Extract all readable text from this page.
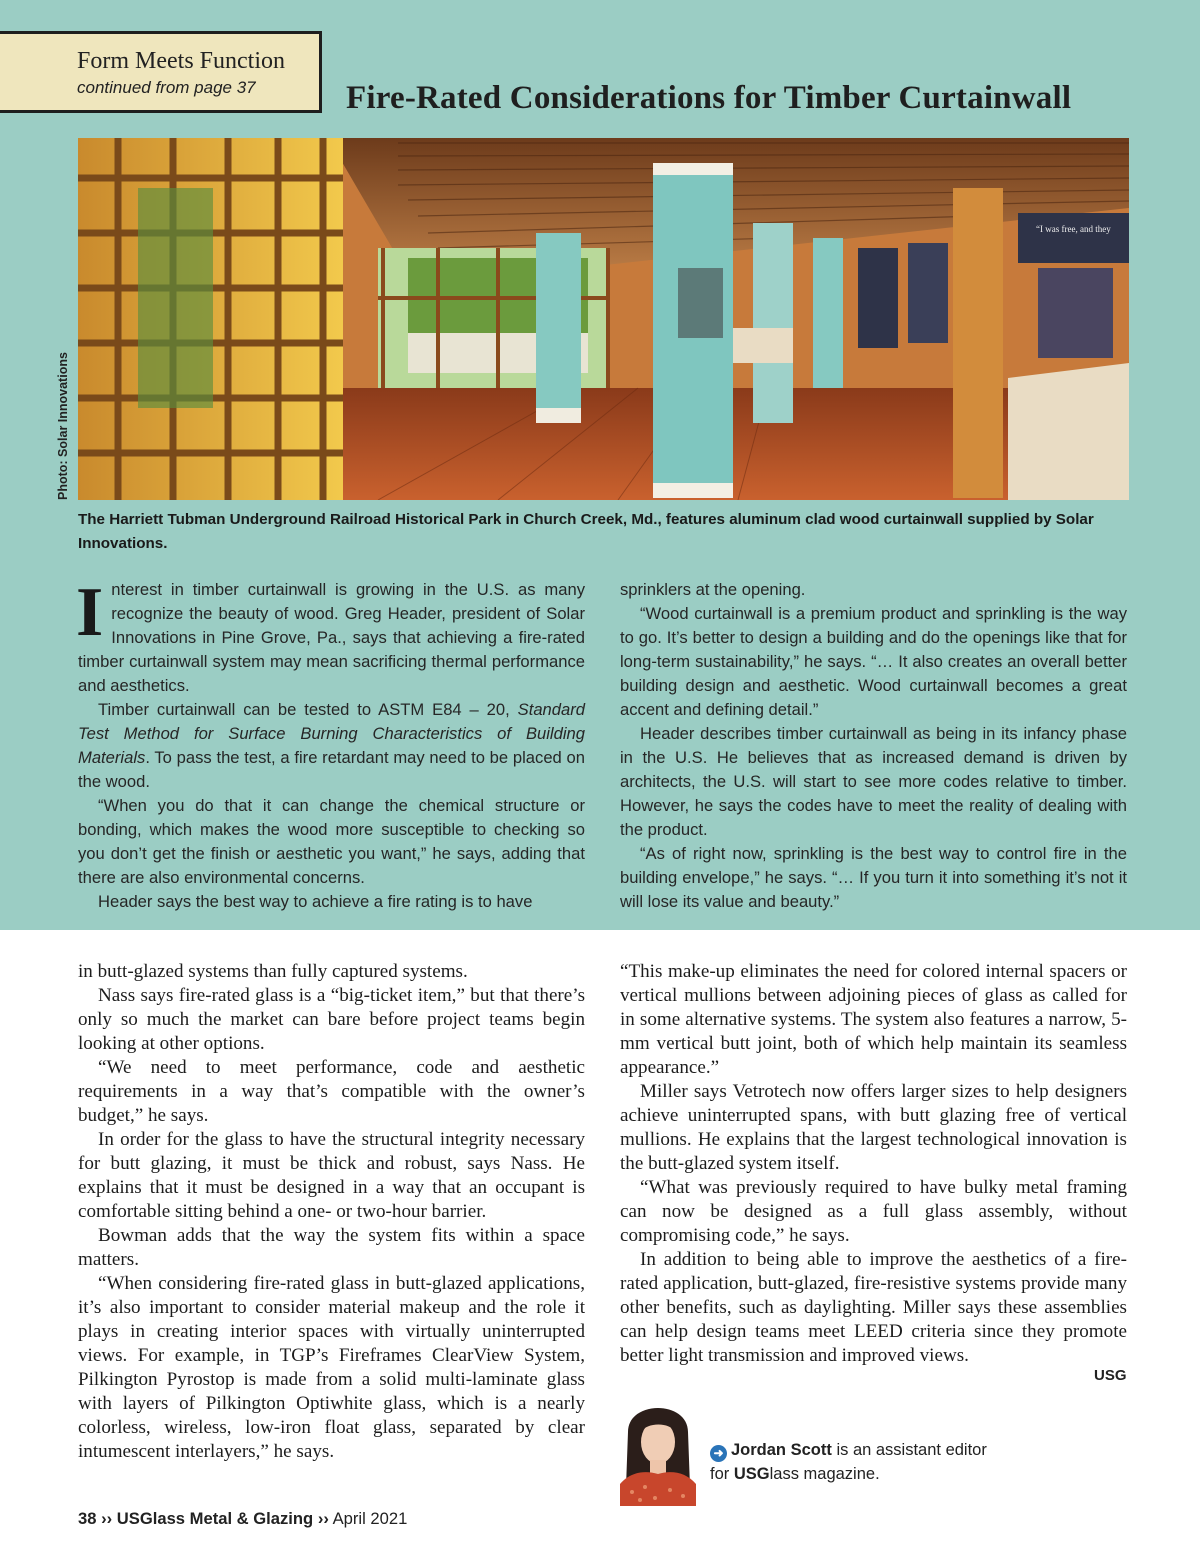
Form Meets Function
continued from page 37	Fire-Rated Considerations for Timber Curtainwall
“I was free, and they
Photo: Solar Innovations

The Harriett Tubman Underground Railroad Historical Park in Church Creek, Md., features aluminum clad wood curtainwall supplied by Solar Innovations.

Interest in timber curtainwall is growing in the U.S. as many recognize the beauty of wood. Greg Header, president of Solar Innovations in Pine Grove, Pa., says that achieving a fire-rated timber curtainwall system may mean sacrificing thermal performance and aesthetics.

Timber curtainwall can be tested to ASTM E84 – 20, Standard Test Method for Surface Burning Characteristics of Building Materials. To pass the test, a fire retardant may need to be placed on the wood.

“When you do that it can change the chemical structure or bonding, which makes the wood more susceptible to checking so you don’t get the finish or aesthetic you want,” he says, adding that there are also environmental concerns.

Header says the best way to achieve a fire rating is to have

sprinklers at the opening.

“Wood curtainwall is a premium product and sprinkling is the way to go. It’s better to design a building and do the openings like that for long-term sustainability,” he says. “… It also creates an overall better building design and aesthetic. Wood curtainwall becomes a great accent and defining detail.”

Header describes timber curtainwall as being in its infancy phase in the U.S. He believes that as increased demand is driven by architects, the U.S. will start to see more codes relative to timber. However, he says the codes have to meet the reality of dealing with the product.

“As of right now, sprinkling is the best way to control fire in the building envelope,” he says. “… If you turn it into something it’s not it will lose its value and beauty.”

in butt-glazed systems than fully captured systems.

Nass says fire-rated glass is a “big-ticket item,” but that there’s only so much the market can bare before project teams begin looking at other options.

“We need to meet performance, code and aesthetic requirements in a way that’s compatible with the owner’s budget,” he says.

In order for the glass to have the structural integrity necessary for butt glazing, it must be thick and robust, says Nass. He explains that it must be designed in a way that an occupant is comfortable sitting behind a one- or two-hour barrier.

Bowman adds that the way the system fits within a space matters.

“When considering fire-rated glass in butt-glazed applications, it’s also important to consider material makeup and the role it plays in creating interior spaces with virtually uninterrupted views. For example, in TGP’s Fireframes ClearView System, Pilkington Pyrostop is made from a solid multi-laminate glass with layers of Pilkington Optiwhite glass, which is a nearly colorless, wireless, low-iron float glass, separated by clear intumescent interlayers,” he says.

“This make-up eliminates the need for colored internal spacers or vertical mullions between adjoining pieces of glass as called for in some alternative systems. The system also features a narrow, 5-mm vertical butt joint, both of which help maintain its seamless appearance.”

Miller says Vetrotech now offers larger sizes to help designers achieve uninterrupted spans, with butt glazing free of vertical mullions. He explains that the largest technological innovation is the butt-glazed system itself.

“What was previously required to have bulky metal framing can now be designed as a full glass assembly, without compromising code,” he says.

In addition to being able to improve the aesthetics of a fire-rated application, butt-glazed, fire-resistive systems provide many other benefits, such as daylighting. Miller says these assemblies can help design teams meet LEED criteria since they promote better light transmission and improved views.

USG
➜ Jordan Scott is an assistant editor
for USGlass magazine.
38 ›› USGlass Metal & Glazing ›› April 2021
